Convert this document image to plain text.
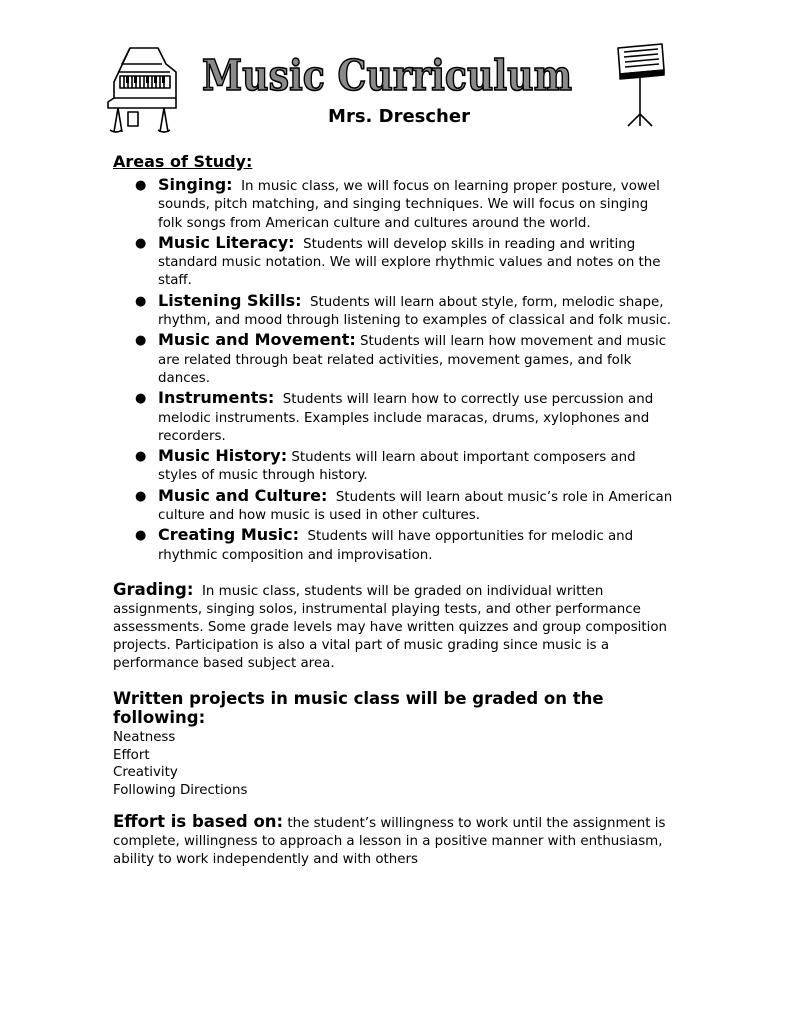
Music Curriculum
Mrs. Drescher
Areas of Study:
● Singing: In music class, we will focus on learning proper posture, vowel sounds, pitch matching, and singing techniques. We will focus on singing folk songs from American culture and cultures around the world.
● Music Literacy: Students will develop skills in reading and writing standard music notation. We will explore rhythmic values and notes on the staff.
● Listening Skills: Students will learn about style, form, melodic shape, rhythm, and mood through listening to examples of classical and folk music.
● Music and Movement: Students will learn how movement and music are related through beat related activities, movement games, and folk dances.
● Instruments: Students will learn how to correctly use percussion and melodic instruments. Examples include maracas, drums, xylophones and recorders.
● Music History: Students will learn about important composers and styles of music through history.
● Music and Culture: Students will learn about music’s role in American culture and how music is used in other cultures.
● Creating Music: Students will have opportunities for melodic and rhythmic composition and improvisation.

Grading: In music class, students will be graded on individual written assignments, singing solos, instrumental playing tests, and other performance assessments. Some grade levels may have written quizzes and group composition projects. Participation is also a vital part of music grading since music is a performance based subject area.

Written projects in music class will be graded on the following:
Neatness
Effort
Creativity
Following Directions

Effort is based on: the student’s willingness to work until the assignment is complete, willingness to approach a lesson in a positive manner with enthusiasm, ability to work independently and with others
